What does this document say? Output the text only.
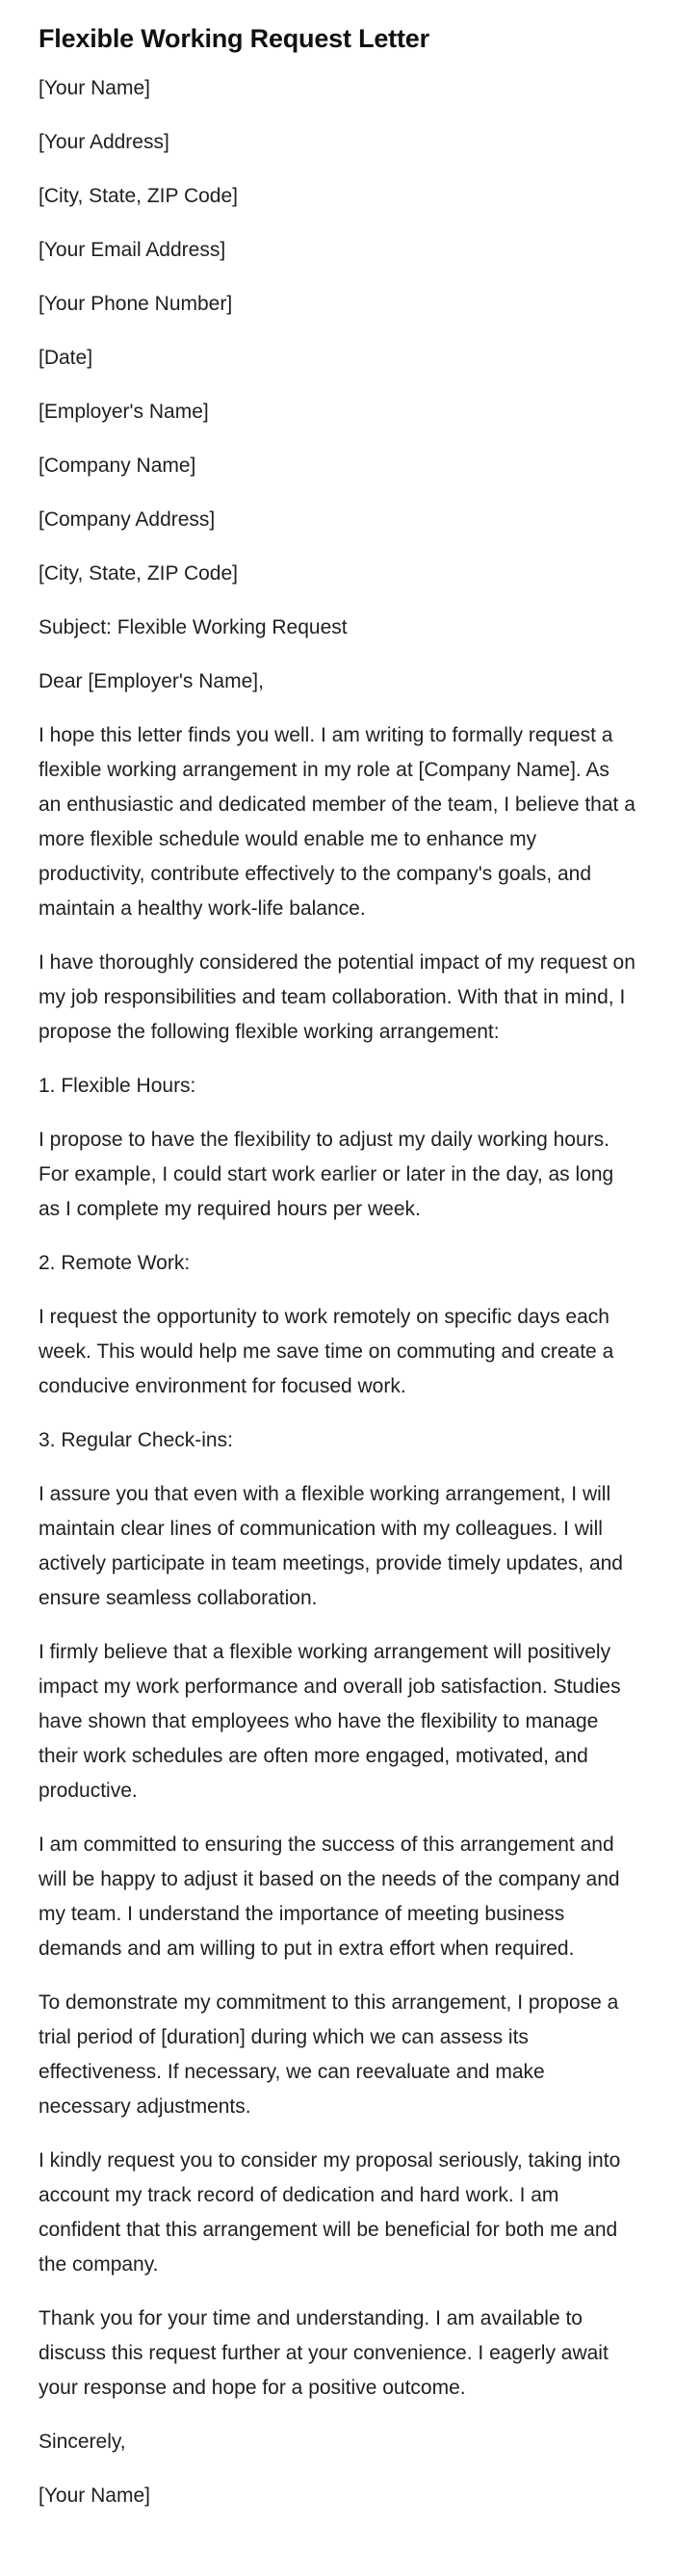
Flexible Working Request Letter

[Your Name]

[Your Address]

[City, State, ZIP Code]

[Your Email Address]

[Your Phone Number]

[Date]

[Employer's Name]

[Company Name]

[Company Address]

[City, State, ZIP Code]

Subject: Flexible Working Request

Dear [Employer's Name],

I hope this letter finds you well. I am writing to formally request a flexible working arrangement in my role at [Company Name]. As an enthusiastic and dedicated member of the team, I believe that a more flexible schedule would enable me to enhance my productivity, contribute effectively to the company's goals, and maintain a healthy work-life balance.

I have thoroughly considered the potential impact of my request on my job responsibilities and team collaboration. With that in mind, I propose the following flexible working arrangement:

1. Flexible Hours:

I propose to have the flexibility to adjust my daily working hours. For example, I could start work earlier or later in the day, as long as I complete my required hours per week.

2. Remote Work:

I request the opportunity to work remotely on specific days each week. This would help me save time on commuting and create a conducive environment for focused work.

3. Regular Check-ins:

I assure you that even with a flexible working arrangement, I will maintain clear lines of communication with my colleagues. I will actively participate in team meetings, provide timely updates, and ensure seamless collaboration.

I firmly believe that a flexible working arrangement will positively impact my work performance and overall job satisfaction. Studies have shown that employees who have the flexibility to manage their work schedules are often more engaged, motivated, and productive.

I am committed to ensuring the success of this arrangement and will be happy to adjust it based on the needs of the company and my team. I understand the importance of meeting business demands and am willing to put in extra effort when required.

To demonstrate my commitment to this arrangement, I propose a trial period of [duration] during which we can assess its effectiveness. If necessary, we can reevaluate and make necessary adjustments.

I kindly request you to consider my proposal seriously, taking into account my track record of dedication and hard work. I am confident that this arrangement will be beneficial for both me and the company.

Thank you for your time and understanding. I am available to discuss this request further at your convenience. I eagerly await your response and hope for a positive outcome.

Sincerely,

[Your Name]
